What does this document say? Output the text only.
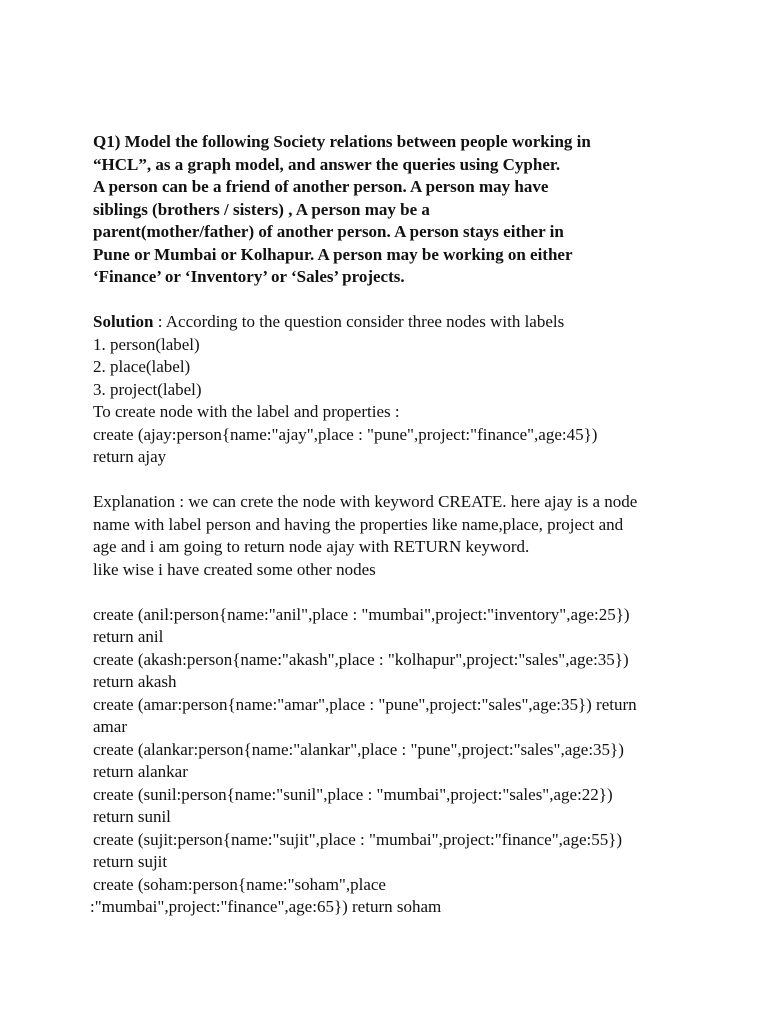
Q1) Model the following Society relations between people working in
“HCL”, as a graph model, and answer the queries using Cypher.
A person can be a friend of another person. A person may have
siblings (brothers / sisters) , A person may be a
parent(mother/father) of another person. A person stays either in
Pune or Mumbai or Kolhapur. A person may be working on either
‘Finance’ or ‘Inventory’ or ‘Sales’ projects.
Solution : According to the question consider three nodes with labels
1. person(label)
2. place(label)
3. project(label)
To create node with the label and properties :
create (ajay:person{name:"ajay",place : "pune",project:"finance",age:45})
return ajay
Explanation : we can crete the node with keyword CREATE. here ajay is a node
name with label person and having the properties like name,place, project and
age and i am going to return node ajay with RETURN keyword.
like wise i have created some other nodes
create (anil:person{name:"anil",place : "mumbai",project:"inventory",age:25})
return anil
create (akash:person{name:"akash",place : "kolhapur",project:"sales",age:35})
return akash
create (amar:person{name:"amar",place : "pune",project:"sales",age:35}) return
amar
create (alankar:person{name:"alankar",place : "pune",project:"sales",age:35})
return alankar
create (sunil:person{name:"sunil",place : "mumbai",project:"sales",age:22})
return sunil
create (sujit:person{name:"sujit",place : "mumbai",project:"finance",age:55})
return sujit
create (soham:person{name:"soham",place
:"mumbai",project:"finance",age:65}) return soham
